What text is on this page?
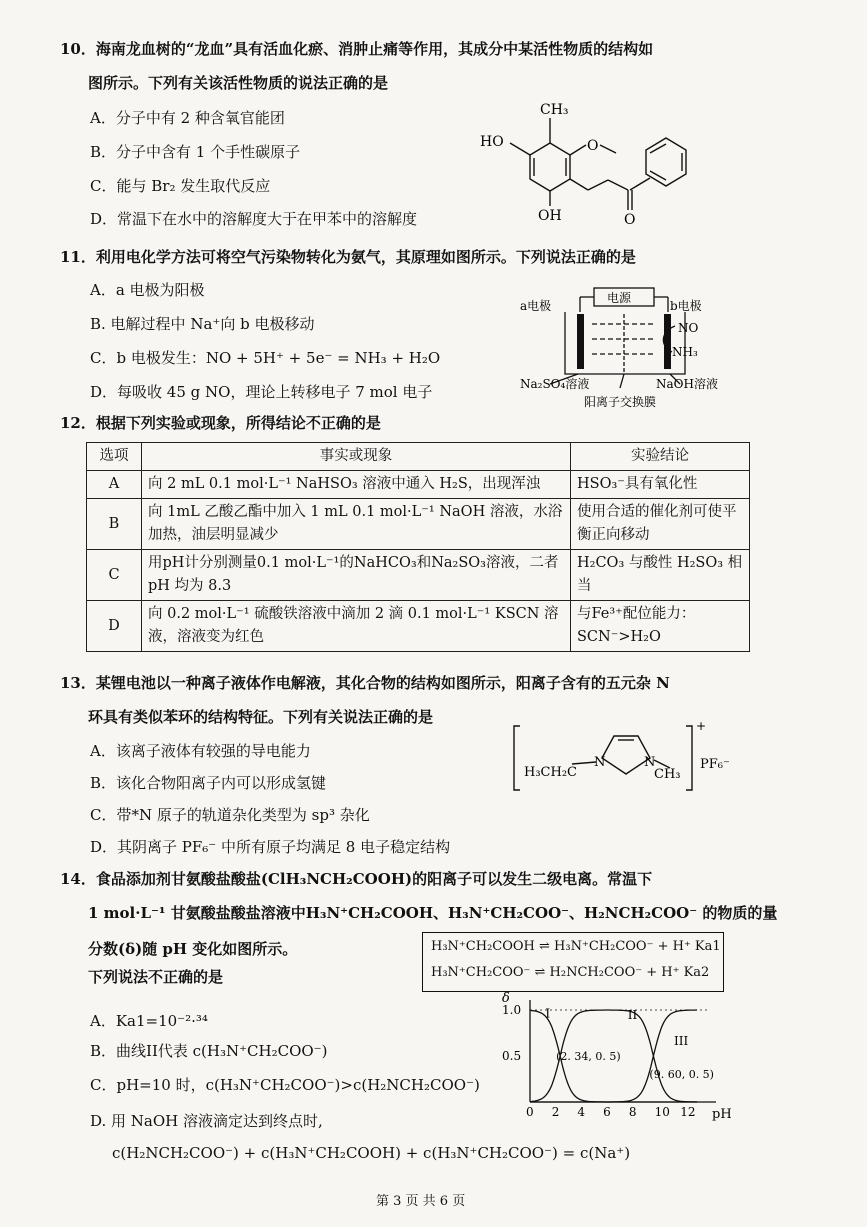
10．海南龙血树的“龙血”具有活血化瘀、消肿止痛等作用，其成分中某活性物质的结构如
图所示。下列有关该活性物质的说法正确的是
A．分子中有 2 种含氧官能团
B．分子中含有 1 个手性碳原子
C．能与 Br₂ 发生取代反应
D．常温下在水中的溶解度大于在甲苯中的溶解度
CH₃
HO	O
OH	O
11．利用电化学方法可将空气污染物转化为氨气，其原理如图所示。下列说法正确的是
A．a 电极为阳极
B. 电解过程中 Na⁺向 b 电极移动
C．b 电极发生：NO + 5H⁺ + 5e⁻ = NH₃ + H₂O
D．每吸收 45 g NO，理论上转移电子 7 mol 电子
a电极
电源
b电极
NO
NH₃
Na₂SO₄溶液	NaOH溶液
阳离子交换膜
12．根据下列实验或现象，所得结论不正确的是
选项	事实或现象	实验结论
A	向 2 mL 0.1 mol·L⁻¹ NaHSO₃ 溶液中通入 H₂S，出现浑浊	HSO₃⁻具有氧化性
B	向 1mL 乙酸乙酯中加入 1 mL 0.1 mol·L⁻¹ NaOH 溶液，水浴加热，油层明显减少	使用合适的催化剂可使平衡正向移动
C	用pH计分别测量0.1 mol·L⁻¹的NaHCO₃和Na₂SO₃溶液，二者 pH 均为 8.3	H₂CO₃ 与酸性 H₂SO₃ 相当
D	向 0.2 mol·L⁻¹ 硫酸铁溶液中滴加 2 滴 0.1 mol·L⁻¹ KSCN 溶液，溶液变为红色	与Fe³⁺配位能力：SCN⁻>H₂O
13．某锂电池以一种离子液体作电解液，其化合物的结构如图所示，阳离子含有的五元杂 N
环具有类似苯环的结构特征。下列有关说法正确的是
A．该离子液体有较强的导电能力
B．该化合物阳离子内可以形成氢键
C．带*N 原子的轨道杂化类型为 sp³ 杂化
D．其阴离子 PF₆⁻ 中所有原子均满足 8 电子稳定结构
H₃CH₂C
N	N
CH₃
+
PF₆⁻
14．食品添加剂甘氨酸盐酸盐(ClH₃NCH₂COOH)的阳离子可以发生二级电离。常温下
1 mol·L⁻¹ 甘氨酸盐酸盐溶液中H₃N⁺CH₂COOH、H₃N⁺CH₂COO⁻、H₂NCH₂COO⁻ 的物质的量
分数(δ)随 pH 变化如图所示。
下列说法不正确的是
H₃N⁺CH₂COOH ⇌ H₃N⁺CH₂COO⁻ + H⁺ Ka1
H₃N⁺CH₂COO⁻ ⇌ H₂NCH₂COO⁻ + H⁺ Ka2
A．Ka1=10⁻²·³⁴
B．曲线II代表 c(H₃N⁺CH₂COO⁻)
C．pH=10 时，c(H₃N⁺CH₂COO⁻)>c(H₂NCH₂COO⁻)
D. 用 NaOH 溶液滴定达到终点时,
c(H₂NCH₂COO⁻) + c(H₃N⁺CH₂COOH) + c(H₃N⁺CH₂COO⁻) = c(Na⁺)
δ
pH
0 2 4 6 8 10 12
0.5
1.0 I	II
III
(2. 34, 0. 5)
(9. 60, 0. 5)
第 3 页 共 6 页
